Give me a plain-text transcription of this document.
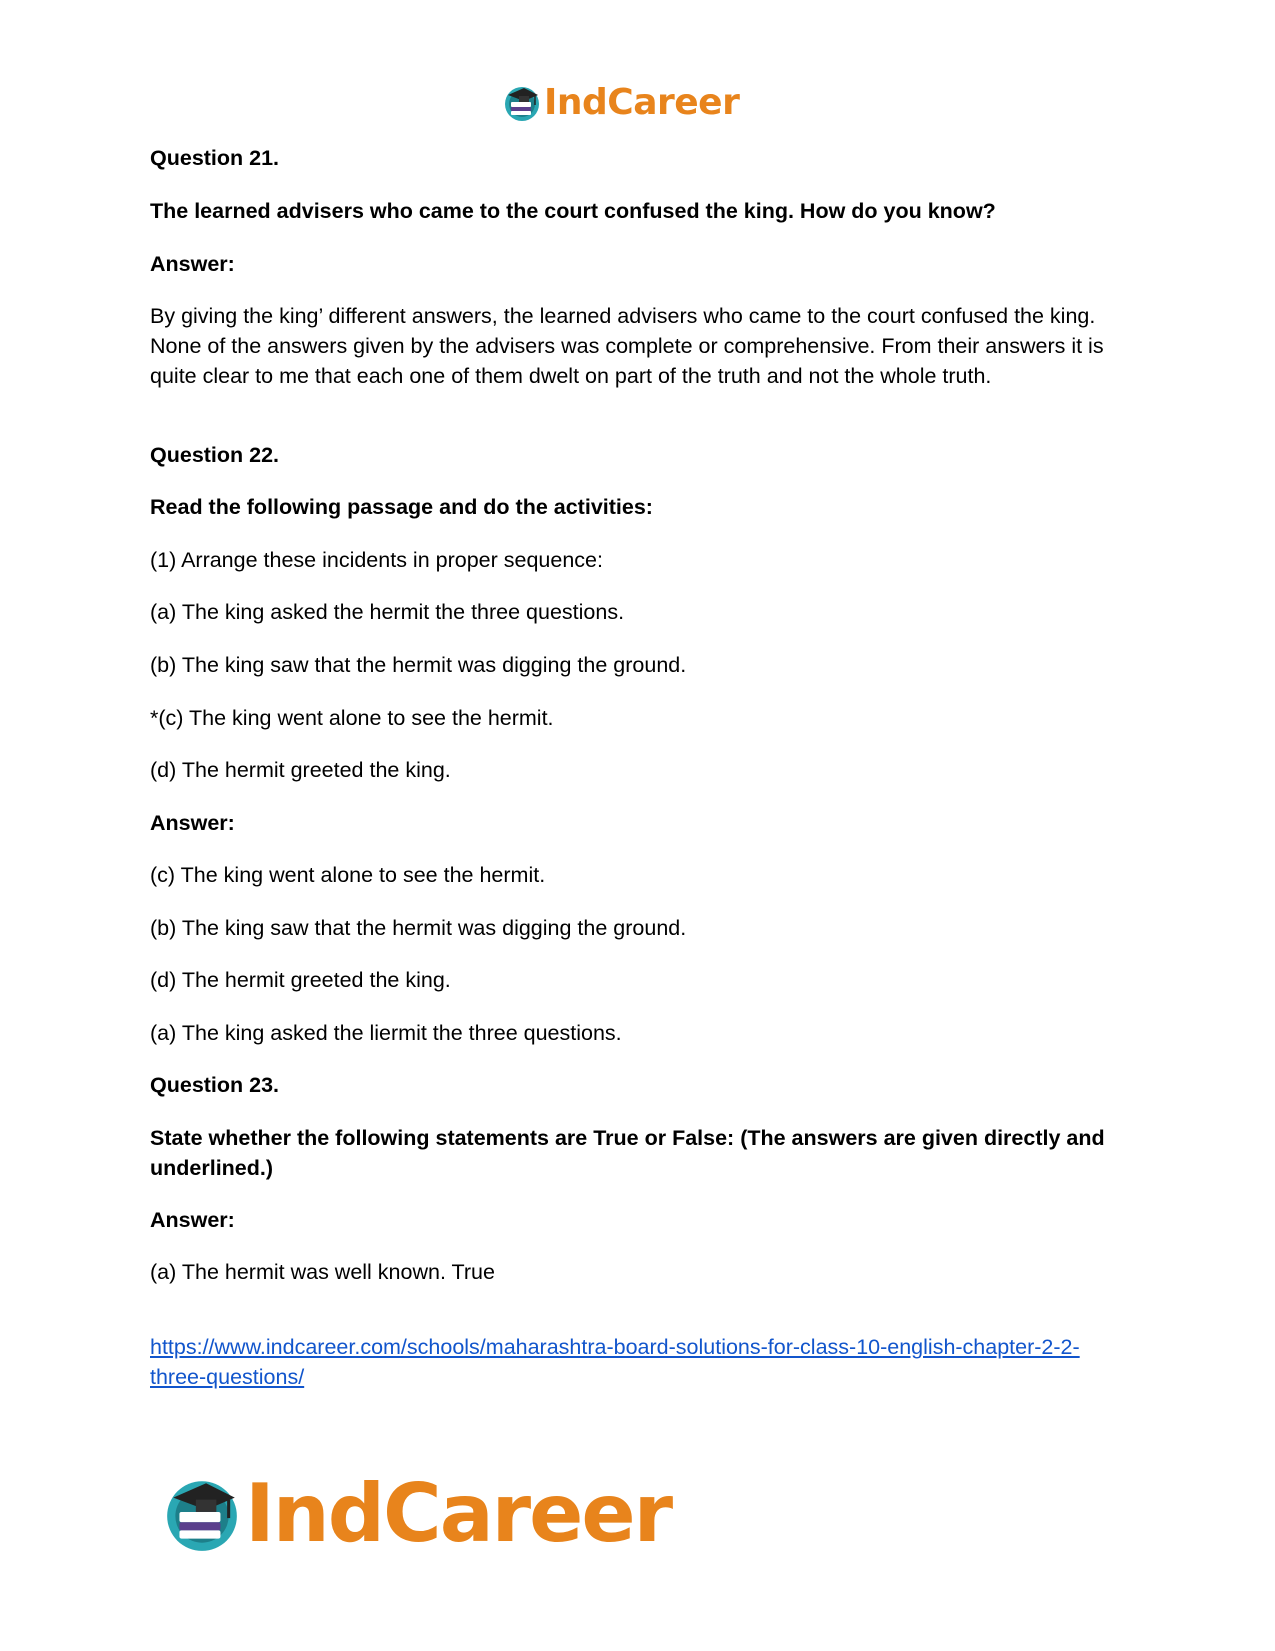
IndCareer

Question 21.

The learned advisers who came to the court confused the king. How do you know?

Answer:

By giving the king’ different answers, the learned advisers who came to the court confused the king. None of the answers given by the advisers was complete or comprehensive. From their answers it is quite clear to me that each one of them dwelt on part of the truth and not the whole truth.

Question 22.

Read the following passage and do the activities:

(1) Arrange these incidents in proper sequence:

(a) The king asked the hermit the three questions.

(b) The king saw that the hermit was digging the ground.

*(c) The king went alone to see the hermit.

(d) The hermit greeted the king.

Answer:

(c) The king went alone to see the hermit.

(b) The king saw that the hermit was digging the ground.

(d) The hermit greeted the king.

(a) The king asked the liermit the three questions.

Question 23.

State whether the following statements are True or False: (The answers are given directly and underlined.)

Answer:

(a) The hermit was well known. True

https://www.indcareer.com/schools/maharashtra-board-solutions-for-class-10-english-chapter-2-2-three-questions/

IndCareer
